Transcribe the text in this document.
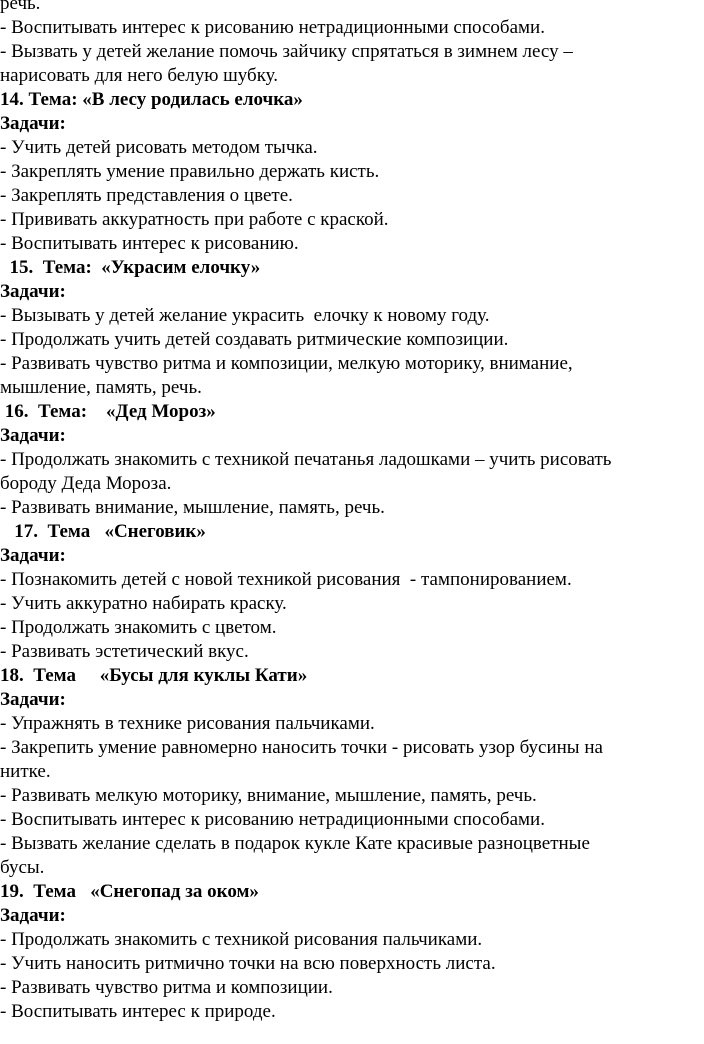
речь.
- Воспитывать интерес к рисованию нетрадиционными способами.
- Вызвать у детей желание помочь зайчику спрятаться в зимнем лесу –
нарисовать для него белую шубку.
14. Тема: «В лесу родилась елочка»
Задачи:
- Учить детей рисовать методом тычка.
- Закреплять умение правильно держать кисть.
- Закреплять представления о цвете.
- Прививать аккуратность при работе с краской.
- Воспитывать интерес к рисованию.
15.  Тема:  «Украсим елочку»
Задачи:
- Вызывать у детей желание украсить  елочку к новому году.
- Продолжать учить детей создавать ритмические композиции.
- Развивать чувство ритма и композиции, мелкую моторику, внимание,
мышление, память, речь.
16.  Тема:    «Дед Мороз»
Задачи:
- Продолжать знакомить с техникой печатанья ладошками – учить рисовать
бороду Деда Мороза.
- Развивать внимание, мышление, память, речь.
17.  Тема   «Снеговик»
Задачи:
- Познакомить детей с новой техникой рисования  - тампонированием.
- Учить аккуратно набирать краску.
- Продолжать знакомить с цветом.
- Развивать эстетический вкус.
18.  Тема     «Бусы для куклы Кати»
Задачи:
- Упражнять в технике рисования пальчиками.
- Закрепить умение равномерно наносить точки - рисовать узор бусины на
нитке.
- Развивать мелкую моторику, внимание, мышление, память, речь.
- Воспитывать интерес к рисованию нетрадиционными способами.
- Вызвать желание сделать в подарок кукле Кате красивые разноцветные
бусы.
19.  Тема   «Снегопад за оком»
Задачи:
- Продолжать знакомить с техникой рисования пальчиками.
- Учить наносить ритмично точки на всю поверхность листа.
- Развивать чувство ритма и композиции.
- Воспитывать интерес к природе.
